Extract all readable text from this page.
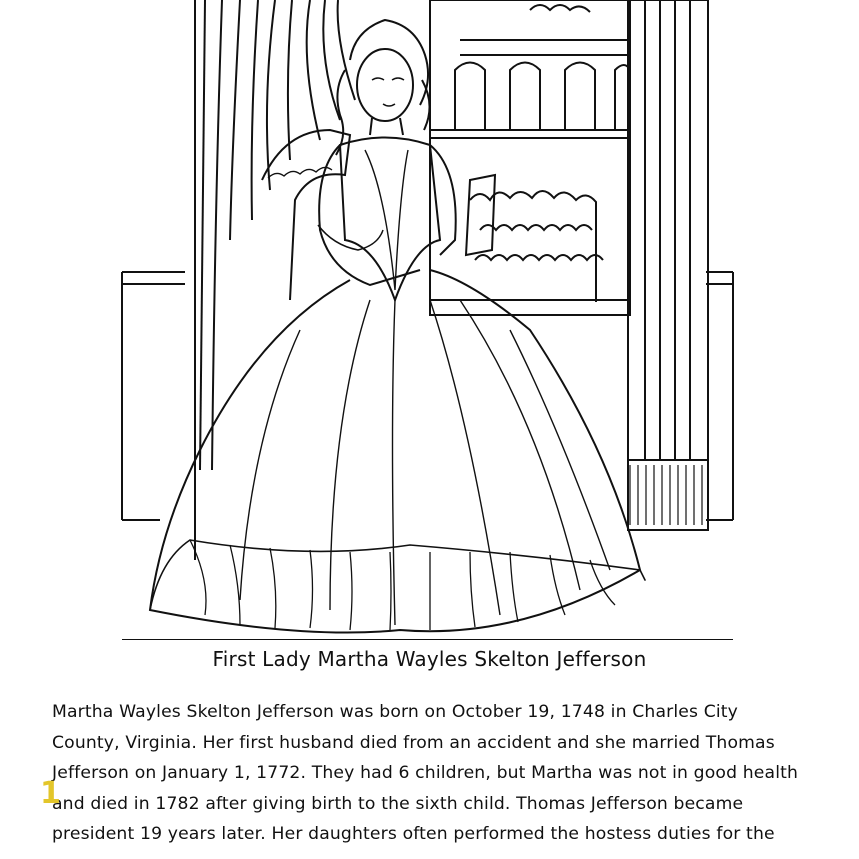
First Lady Martha Wayles Skelton Jefferson
Martha Wayles Skelton Jefferson was born on October 19, 1748 in Charles City
County, Virginia. Her first husband died from an accident and she married Thomas
Jefferson on January 1, 1772. They had 6 children, but Martha was not in good health
and died in 1782 after giving birth to the sixth child. Thomas Jefferson became
president 19 years later. Her daughters often performed the hostess duties for the
1
